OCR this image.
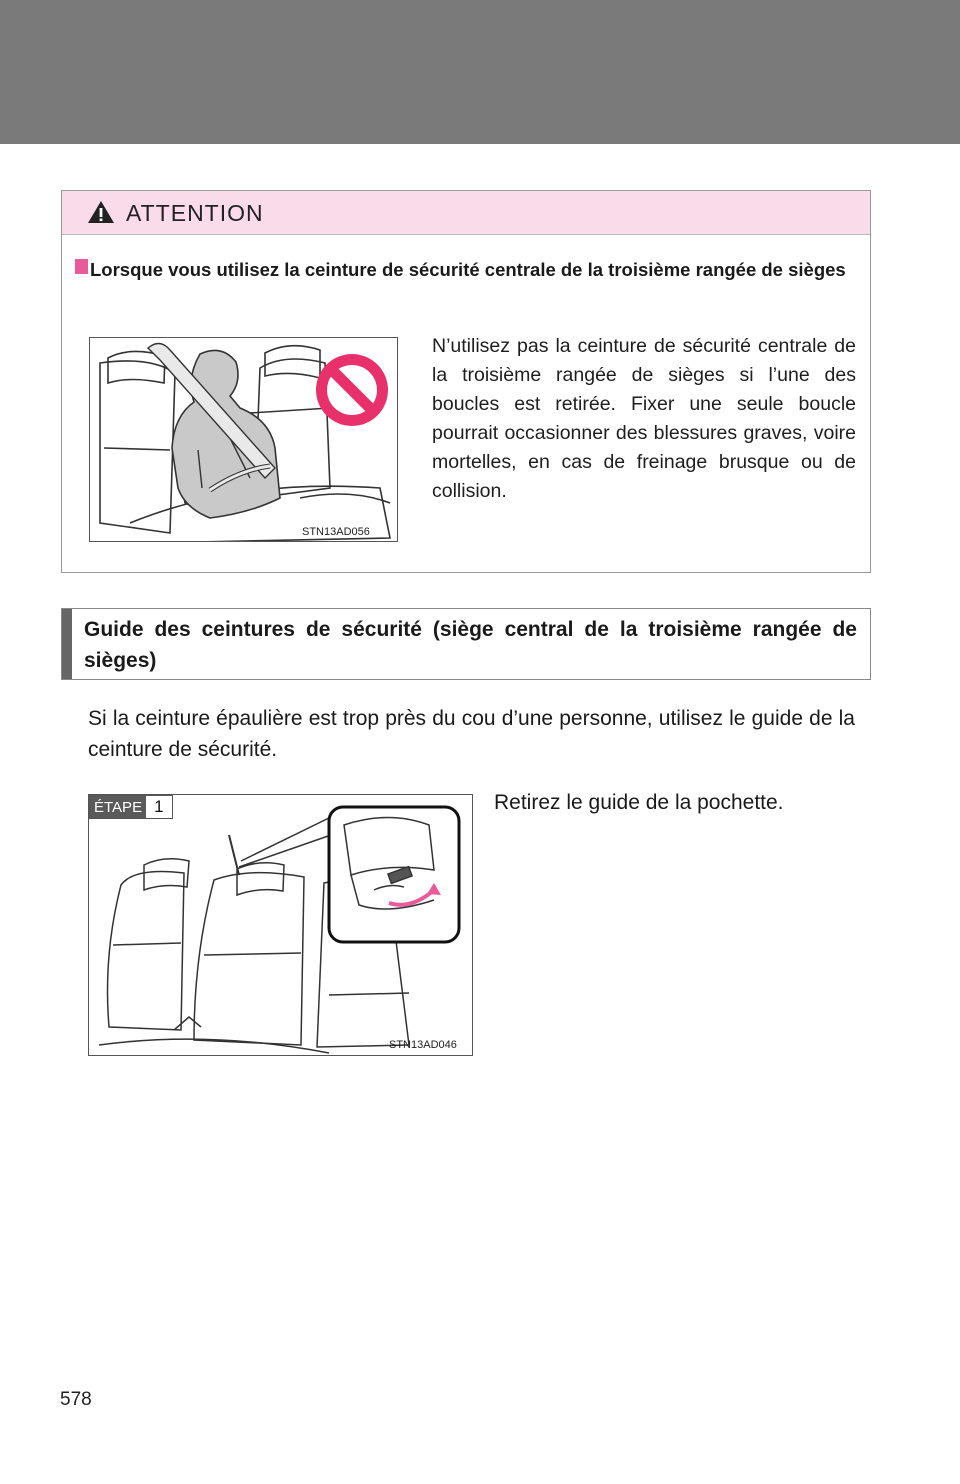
ATTENTION
Lorsque vous utilisez la ceinture de sécurité centrale de la troisième rangée de sièges
STN13AD056
N’utilisez pas la ceinture de sécurité centrale de la troisième rangée de sièges si l’une des boucles est retirée. Fixer une seule boucle pourrait occasionner des blessures graves, voire mortelles, en cas de freinage brusque ou de collision.
Guide des ceintures de sécurité (siège central de la troisième rangée de sièges)

Si la ceinture épaulière est trop près du cou d’une personne, utilisez le guide de la ceinture de sécurité.

ÉTAPE 1
STN13AD046
Retirez le guide de la pochette.
578
